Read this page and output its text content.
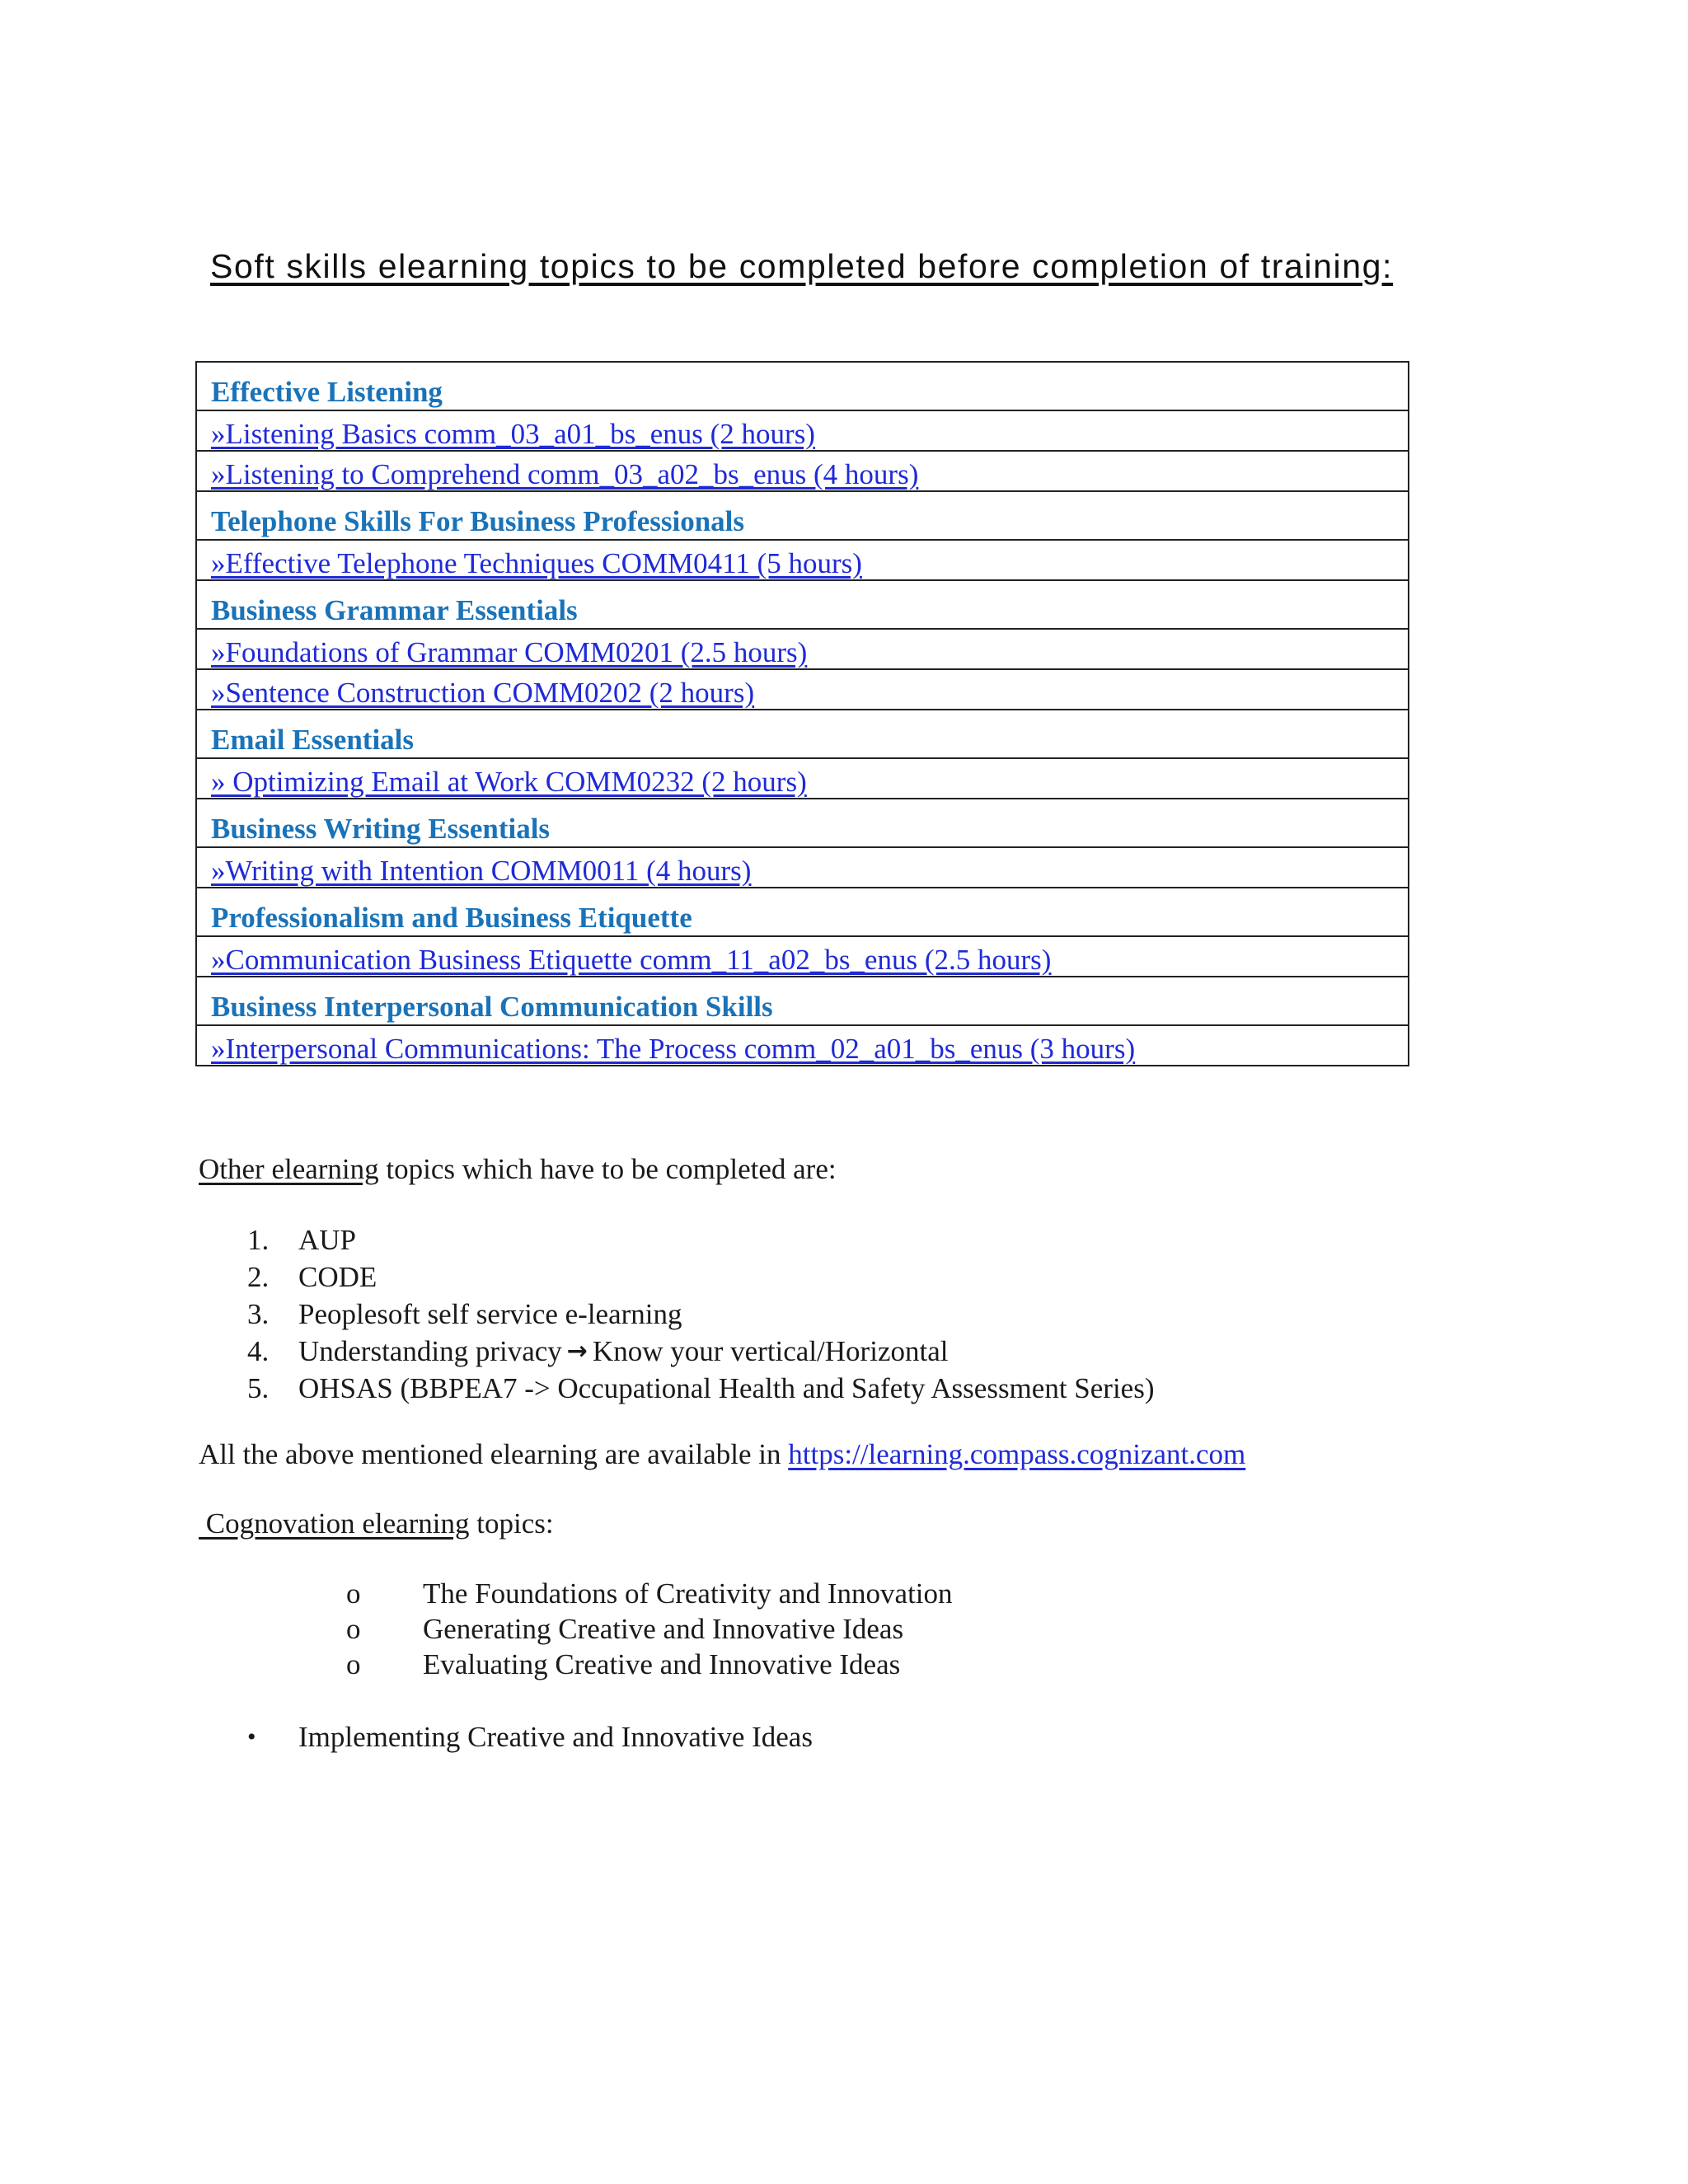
Soft skills elearning topics to be completed before completion of training:
Effective Listening
»Listening Basics comm_03_a01_bs_enus (2 hours)
»Listening to Comprehend comm_03_a02_bs_enus (4 hours)
Telephone Skills For Business Professionals
»Effective Telephone Techniques COMM0411 (5 hours)
Business Grammar Essentials
»Foundations of Grammar COMM0201 (2.5 hours)
»Sentence Construction COMM0202 (2 hours)
Email Essentials
» Optimizing Email at Work COMM0232 (2 hours)
Business Writing Essentials
»Writing with Intention COMM0011 (4 hours)
Professionalism and Business Etiquette
»Communication Business Etiquette comm_11_a02_bs_enus (2.5 hours)
Business Interpersonal Communication Skills
»Interpersonal Communications: The Process comm_02_a01_bs_enus (3 hours)
Other elearning topics which have to be completed are:
1.	AUP
2.	CODE
3.	Peoplesoft self service e-learning
4.	Understanding privacy → Know your vertical/Horizontal
5.	OHSAS (BBPEA7 -> Occupational Health and Safety Assessment Series)
All the above mentioned elearning are available in https://learning.compass.cognizant.com
Cognovation elearning topics:
o	The Foundations of Creativity and Innovation
o	Generating Creative and Innovative Ideas
o	Evaluating Creative and Innovative Ideas
•	Implementing Creative and Innovative Ideas
